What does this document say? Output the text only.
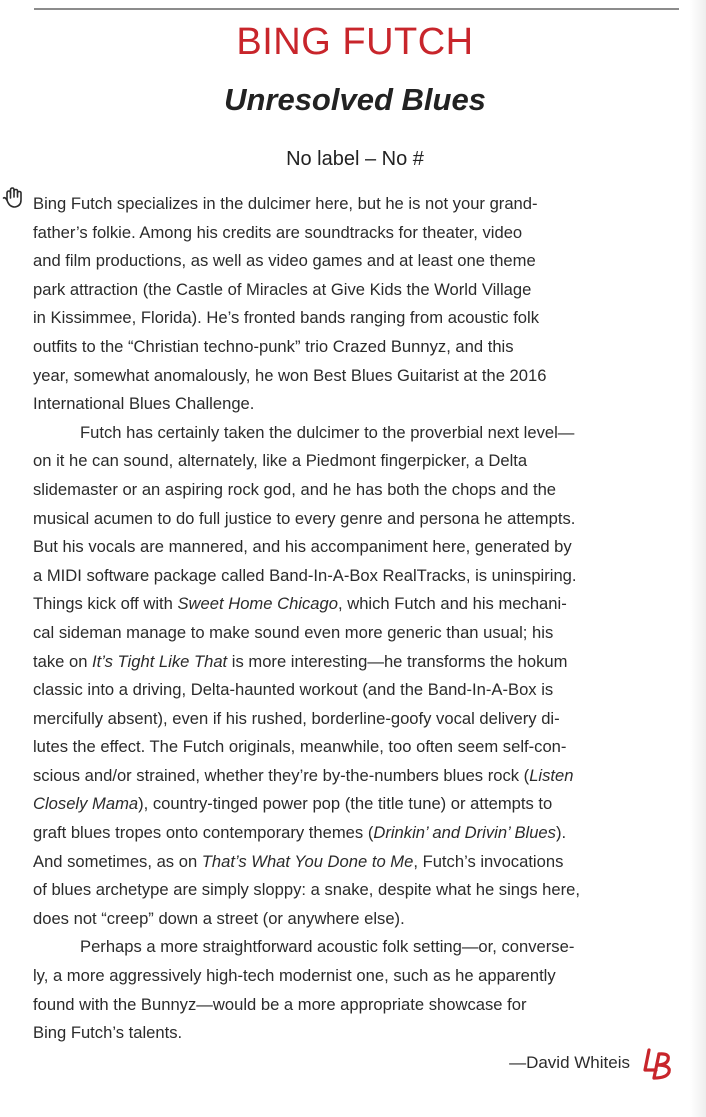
BING FUTCH
Unresolved Blues
No label – No #
Bing Futch specializes in the dulcimer here, but he is not your grand-
father’s folkie. Among his credits are soundtracks for theater, video
and film productions, as well as video games and at least one theme
park attraction (the Castle of Miracles at Give Kids the World Village
in Kissimmee, Florida). He’s fronted bands ranging from acoustic folk
outfits to the “Christian techno-punk” trio Crazed Bunnyz, and this
year, somewhat anomalously, he won Best Blues Guitarist at the 2016
International Blues Challenge.
Futch has certainly taken the dulcimer to the proverbial next level—
on it he can sound, alternately, like a Piedmont fingerpicker, a Delta
slidemaster or an aspiring rock god, and he has both the chops and the
musical acumen to do full justice to every genre and persona he attempts.
But his vocals are mannered, and his accompaniment here, generated by
a MIDI software package called Band-In-A-Box RealTracks, is uninspiring.
Things kick off with Sweet Home Chicago, which Futch and his mechani-
cal sideman manage to make sound even more generic than usual; his
take on It’s Tight Like That is more interesting—he transforms the hokum
classic into a driving, Delta-haunted workout (and the Band-In-A-Box is
mercifully absent), even if his rushed, borderline-goofy vocal delivery di-
lutes the effect. The Futch originals, meanwhile, too often seem self-con-
scious and/or strained, whether they’re by-the-numbers blues rock (Listen
Closely Mama), country-tinged power pop (the title tune) or attempts to
graft blues tropes onto contemporary themes (Drinkin’ and Drivin’ Blues).
And sometimes, as on That’s What You Done to Me, Futch’s invocations
of blues archetype are simply sloppy: a snake, despite what he sings here,
does not “creep” down a street (or anywhere else).
Perhaps a more straightforward acoustic folk setting—or, converse-
ly, a more aggressively high-tech modernist one, such as he apparently
found with the Bunnyz—would be a more appropriate showcase for
Bing Futch’s talents.
—David Whiteis
